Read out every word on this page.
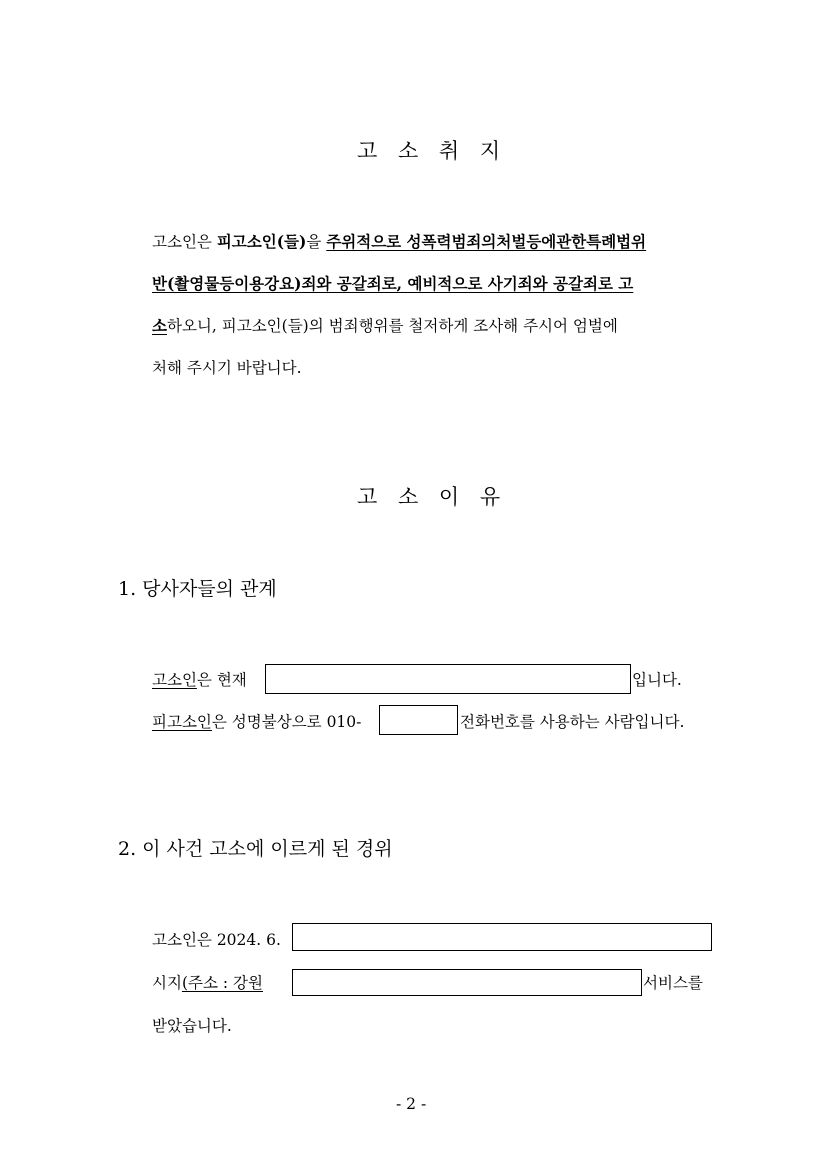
고 소 취 지
고소인은 피고소인(들)을 주위적으로 성폭력범죄의처벌등에관한특례법위
반(촬영물등이용강요)죄와 공갈죄로, 예비적으로 사기죄와 공갈죄로 고
소하오니, 피고소인(들)의 범죄행위를 철저하게 조사해 주시어 엄벌에
처해 주시기 바랍니다.
고 소 이 유
1. 당사자들의 관계
고소인은 현재	입니다.
피고소인은 성명불상으로 010-	전화번호를 사용하는 사람입니다.
2. 이 사건 고소에 이르게 된 경위
고소인은 2024. 6.
시지(주소 : 강원	서비스를
받았습니다.
- 2 -
